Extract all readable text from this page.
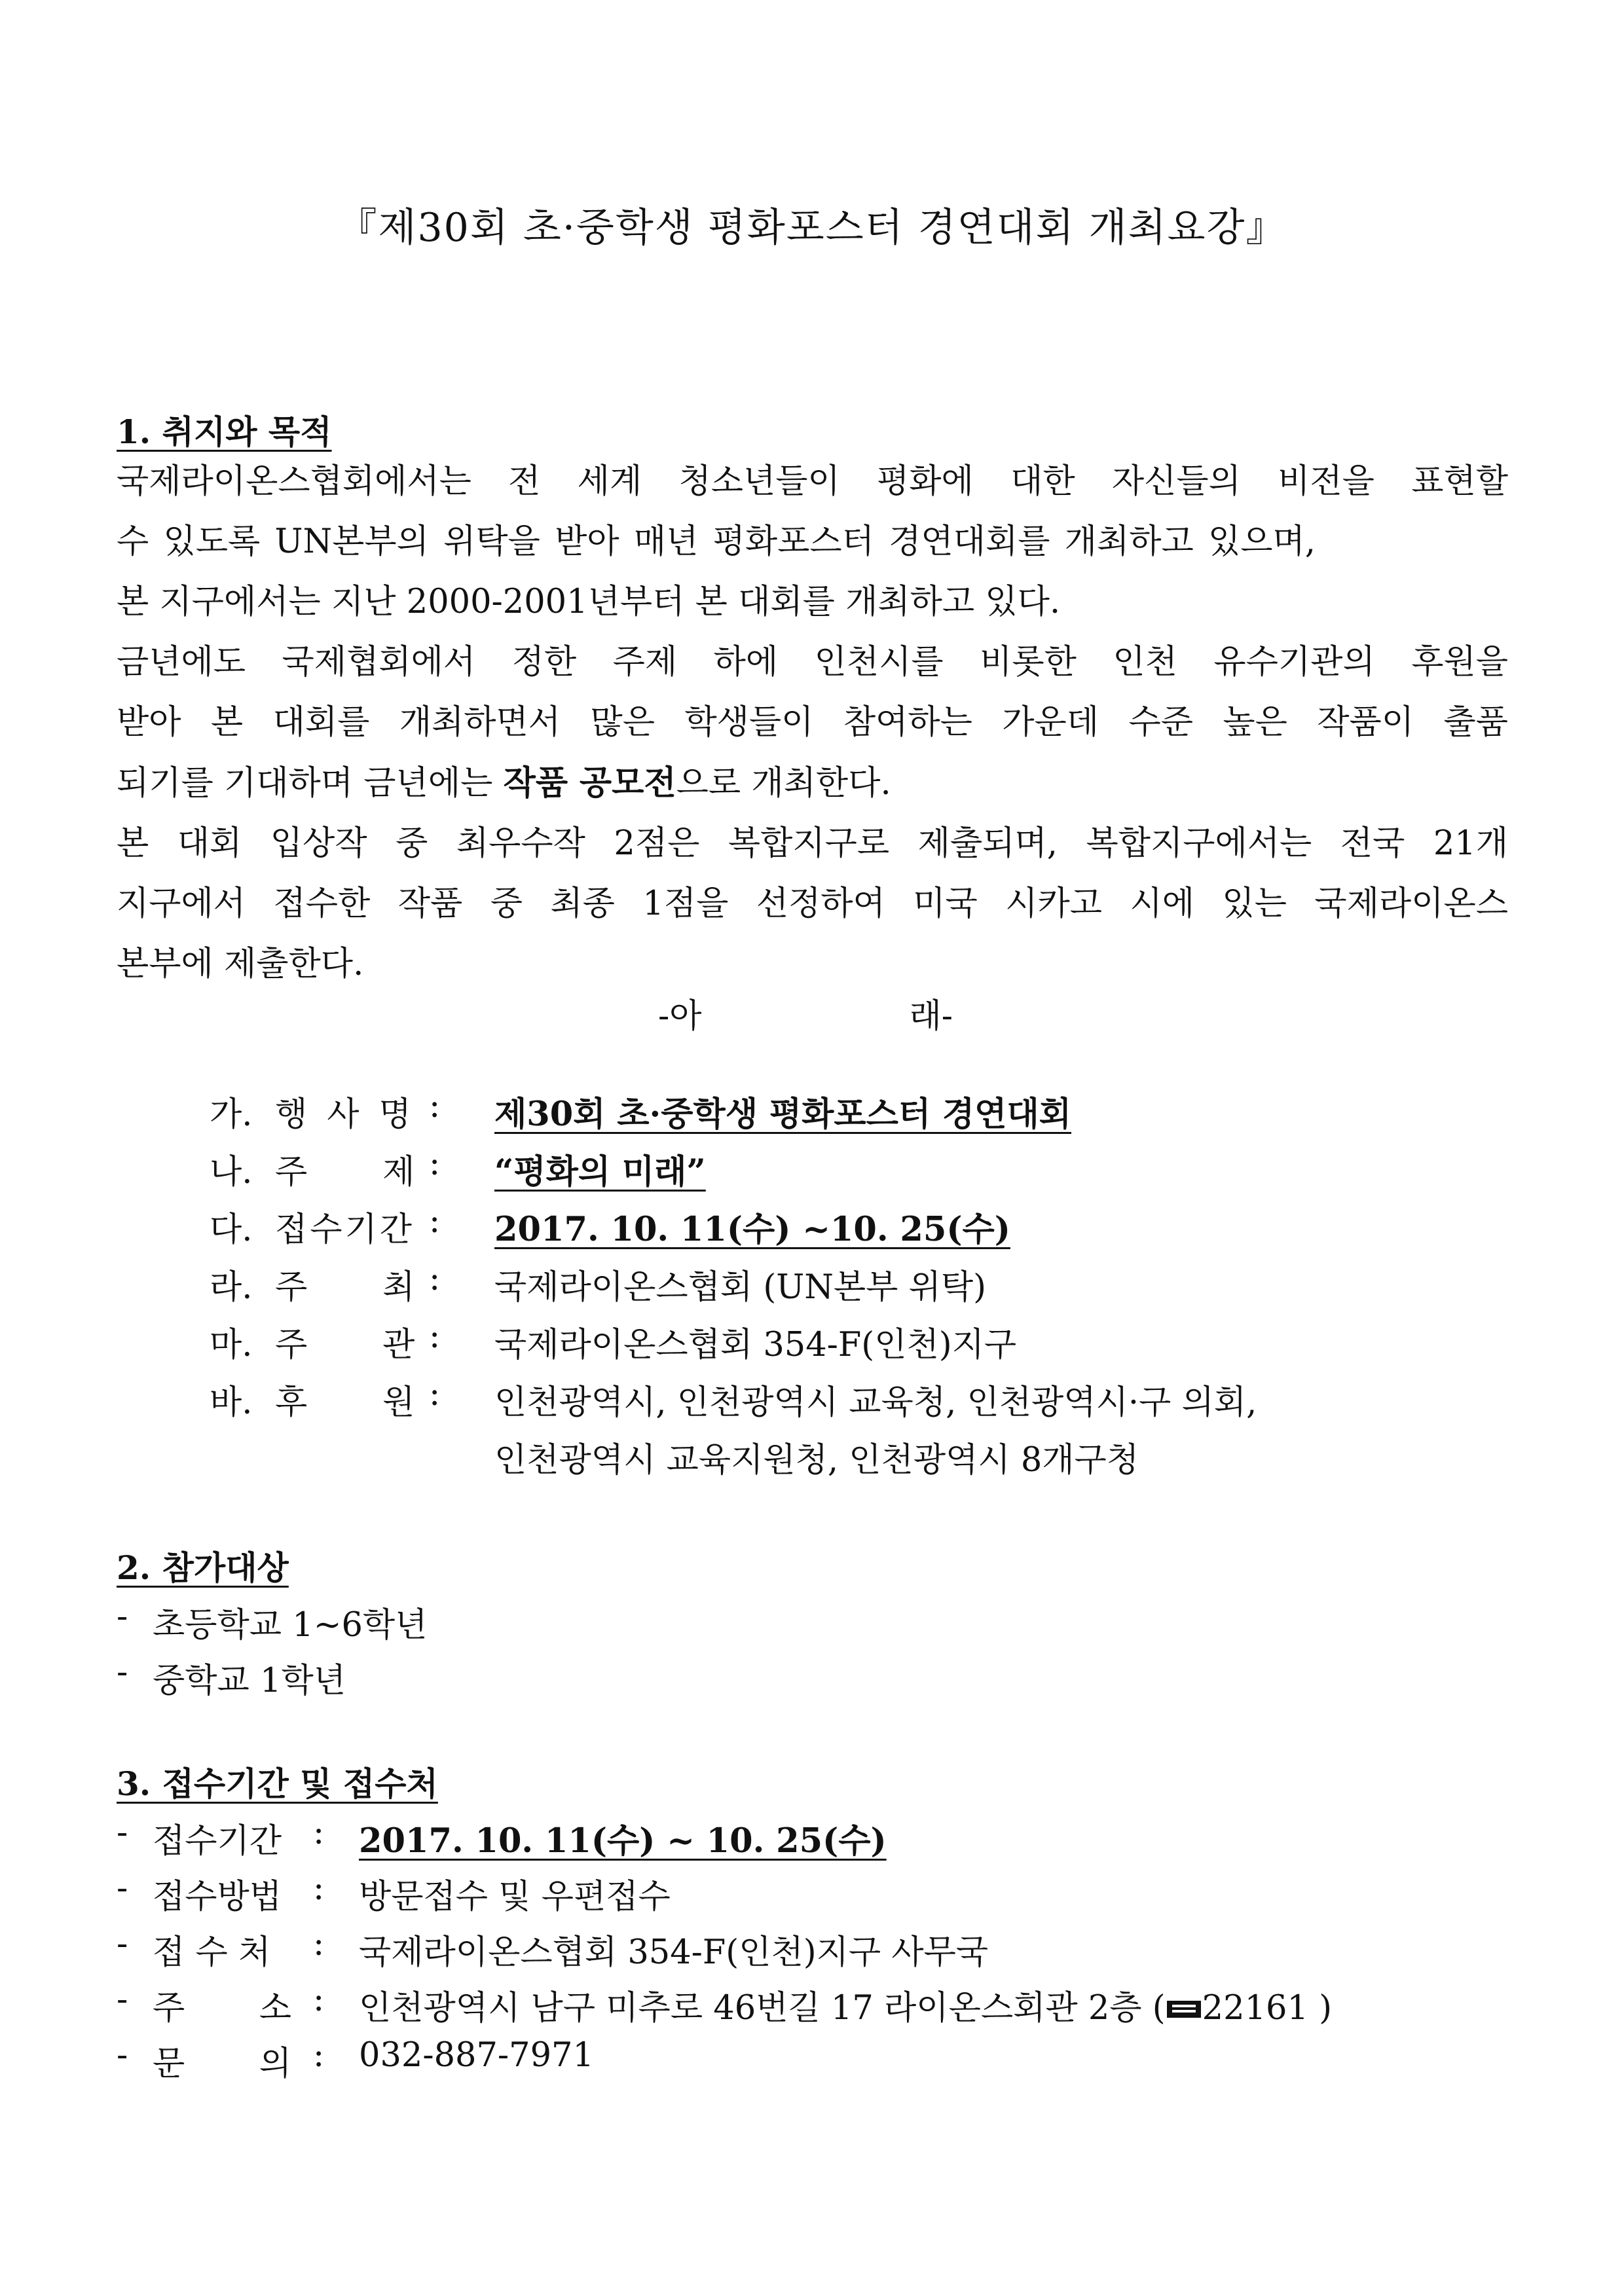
『제30회 초·중학생 평화포스터 경연대회 개최요강』
1. 취지와 목적

국제라이온스협회에서는 전 세계 청소년들이 평화에 대한 자신들의 비전을 표현할

수 있도록 UN본부의 위탁을 받아 매년 평화포스터 경연대회를 개최하고 있으며,

본 지구에서는 지난 2000-2001년부터 본 대회를 개최하고 있다.

금년에도 국제협회에서 정한 주제 하에 인천시를 비롯한 인천 유수기관의 후원을

받아 본 대회를 개최하면서 많은 학생들이 참여하는 가운데 수준 높은 작품이 출품

되기를 기대하며 금년에는 작품 공모전으로 개최한다.

본 대회 입상작 중 최우수작 2점은 복합지구로 제출되며, 복합지구에서는 전국 21개

지구에서 접수한 작품 중 최종 1점을 선정하여 미국 시카고 시에 있는 국제라이온스

본부에 제출한다.

-아	래-
가. 행사명
: 제30회 초·중학생 평화포스터 경연대회
나. 주    제 : “평화의 미래”
다. 접수기간 : 2017. 10. 11(수) ~10. 25(수)
라. 주    최 : 국제라이온스협회 (UN본부 위탁)
마. 주    관 : 국제라이온스협회 354-F(인천)지구
바. 후    원 : 인천광역시, 인천광역시 교육청, 인천광역시·구 의회,
인천광역시 교육지원청, 인천광역시 8개구청
2. 참가대상
- 초등학교 1~6학년
- 중학교 1학년
3. 접수기간 및 접수처
- 접수기간 : 2017. 10. 11(수) ~ 10. 25(수)
- 접수방법 : 방문접수 및 우편접수
- 접 수 처 : 국제라이온스협회 354-F(인천)지구 사무국
- 주       소 : 인천광역시 남구 미추로 46번길 17 라이온스회관 2층 ( 22161 )
- 문       의 : 032-887-7971
